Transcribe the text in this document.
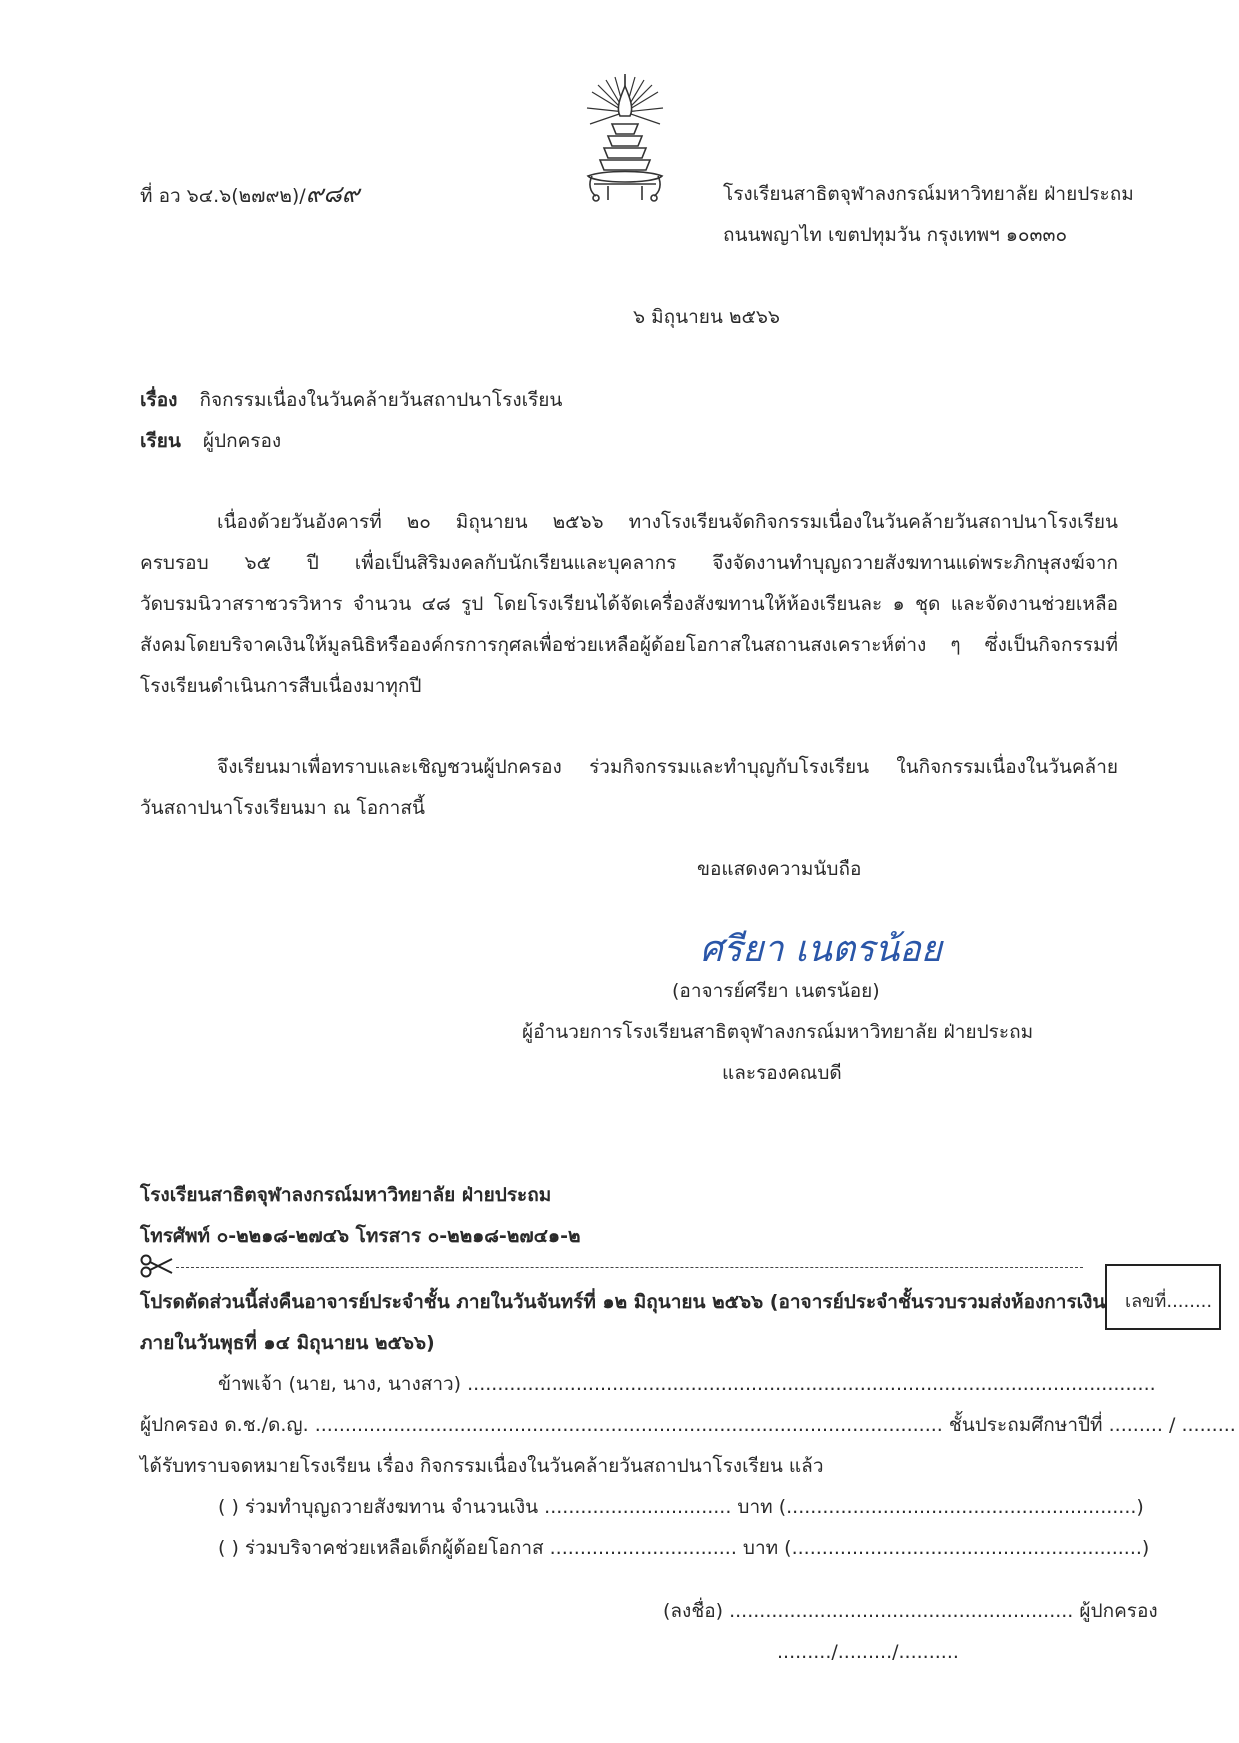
ที่ อว ๖๔.๖(๒๗๙๒)/๙๘๙	โรงเรียนสาธิตจุฬาลงกรณ์มหาวิทยาลัย ฝ่ายประถม
ถนนพญาไท เขตปทุมวัน กรุงเทพฯ ๑๐๓๓๐
๖ มิถุนายน ๒๕๖๖
เรื่อง กิจกรรมเนื่องในวันคล้ายวันสถาปนาโรงเรียน
เรียน ผู้ปกครอง
เนื่องด้วยวันอังคารที่ ๒๐ มิถุนายน ๒๕๖๖ ทางโรงเรียนจัดกิจกรรมเนื่องในวันคล้ายวันสถาปนาโรงเรียน
ครบรอบ ๖๕ ปี เพื่อเป็นสิริมงคลกับนักเรียนและบุคลากร จึงจัดงานทำบุญถวายสังฆทานแด่พระภิกษุสงฆ์จาก
วัดบรมนิวาสราชวรวิหาร จำนวน ๔๘ รูป โดยโรงเรียนได้จัดเครื่องสังฆทานให้ห้องเรียนละ ๑ ชุด และจัดงานช่วยเหลือ
สังคมโดยบริจาคเงินให้มูลนิธิหรือองค์กรการกุศลเพื่อช่วยเหลือผู้ด้อยโอกาสในสถานสงเคราะห์ต่าง ๆ ซึ่งเป็นกิจกรรมที่
โรงเรียนดำเนินการสืบเนื่องมาทุกปี
จึงเรียนมาเพื่อทราบและเชิญชวนผู้ปกครอง ร่วมกิจกรรมและทำบุญกับโรงเรียน ในกิจกรรมเนื่องในวันคล้าย
วันสถาปนาโรงเรียนมา ณ โอกาสนี้
ขอแสดงความนับถือ
ศรียา เนตรน้อย
(อาจารย์ศรียา เนตรน้อย)
ผู้อำนวยการโรงเรียนสาธิตจุฬาลงกรณ์มหาวิทยาลัย ฝ่ายประถม
และรองคณบดี
โรงเรียนสาธิตจุฬาลงกรณ์มหาวิทยาลัย ฝ่ายประถม
โทรศัพท์ ๐-๒๒๑๘-๒๗๔๖ โทรสาร ๐-๒๒๑๘-๒๗๔๑-๒
เลขที่........
โปรดตัดส่วนนี้ส่งคืนอาจารย์ประจำชั้น ภายในวันจันทร์ที่ ๑๒ มิถุนายน ๒๕๖๖ (อาจารย์ประจำชั้นรวบรวมส่งห้องการเงิน
ภายในวันพุธที่ ๑๔ มิถุนายน ๒๕๖๖)
ข้าพเจ้า (นาย, นาง, นางสาว) ..................................................................................................................
ผู้ปกครอง ด.ช./ด.ญ. ........................................................................................................ ชั้นประถมศึกษาปีที่ ......... / .........
ได้รับทราบจดหมายโรงเรียน เรื่อง กิจกรรมเนื่องในวันคล้ายวันสถาปนาโรงเรียน แล้ว
( ) ร่วมทำบุญถวายสังฆทาน จำนวนเงิน ............................... บาท (..........................................................)
( ) ร่วมบริจาคช่วยเหลือเด็กผู้ด้อยโอกาส ............................... บาท (..........................................................)
(ลงชื่อ) ......................................................... ผู้ปกครอง
........./........./..........
